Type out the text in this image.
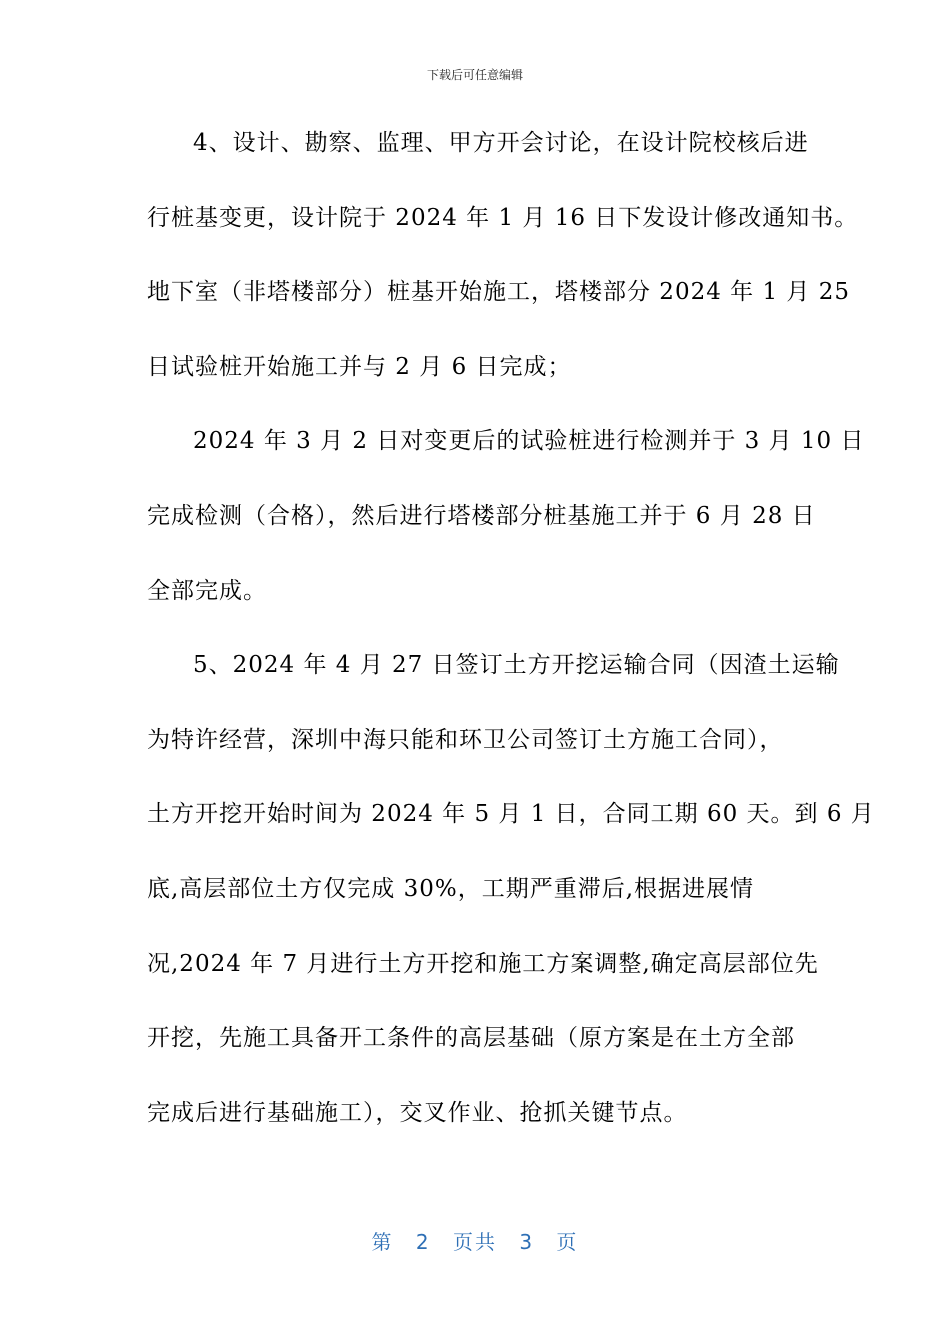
下载后可任意编辑
4、设计、勘察、监理、甲方开会讨论，在设计院校核后进
行桩基变更，设计院于 2024 年 1 月 16 日下发设计修改通知书。
地下室（非塔楼部分）桩基开始施工，塔楼部分 2024 年 1 月 25
日试验桩开始施工并与 2 月 6 日完成；
2024 年 3 月 2 日对变更后的试验桩进行检测并于 3 月 10 日
完成检测（合格），然后进行塔楼部分桩基施工并于 6 月 28 日
全部完成。
5、2024 年 4 月 27 日签订土方开挖运输合同（因渣土运输
为特许经营，深圳中海只能和环卫公司签订土方施工合同），
土方开挖开始时间为 2024 年 5 月 1 日，合同工期 60 天。到 6 月
底,高层部位土方仅完成 30%，工期严重滞后,根据进展情
况,2024 年 7 月进行土方开挖和施工方案调整,确定高层部位先
开挖，先施工具备开工条件的高层基础（原方案是在土方全部
完成后进行基础施工），交叉作业、抢抓关键节点。
第 2 页共 3 页
